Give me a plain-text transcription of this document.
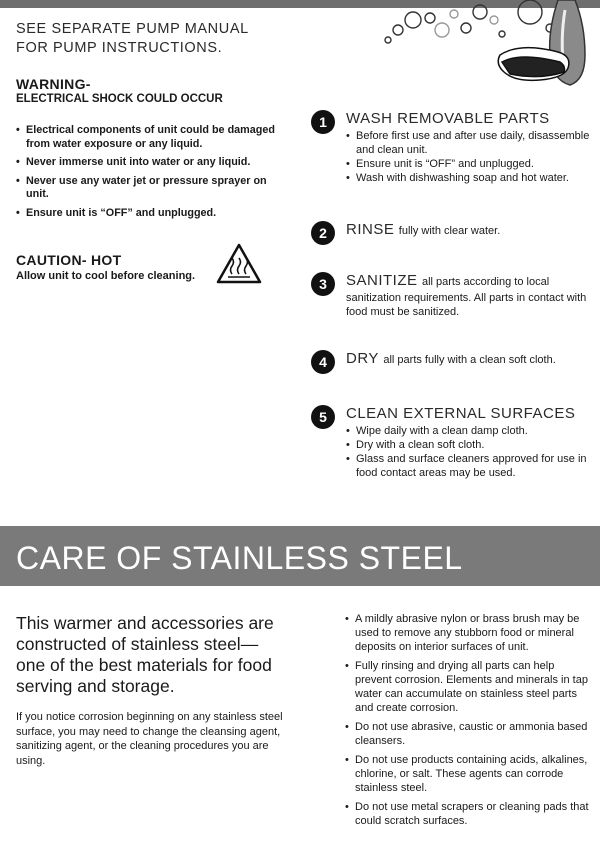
SEE SEPARATE PUMP MANUAL
FOR PUMP INSTRUCTIONS.
WARNING-
ELECTRICAL SHOCK COULD OCCUR
• Electrical components of unit could be damaged from water exposure or any liquid.
• Never immerse unit into water or any liquid.
• Never use any water jet or pressure sprayer on unit.
• Ensure unit is “OFF” and unplugged.
CAUTION- HOT
Allow unit to cool before cleaning.
1	WASH REMOVABLE PARTS
• Before first use and after use daily, disassemble and clean unit.
• Ensure unit is “OFF” and unplugged.
• Wash with dishwashing soap and hot water.
2	RINSE fully with clear water.
3	SANITIZE all parts according to local
sanitization requirements. All parts in contact with food must be sanitized.
4	DRY all parts fully with a clean soft cloth.
5	CLEAN EXTERNAL SURFACES
• Wipe daily with a clean damp cloth.
• Dry with a clean soft cloth.
• Glass and surface cleaners approved for use in food contact areas may be used.
CARE OF STAINLESS STEEL
This warmer and accessories are constructed of stainless steel— one of the best materials for food serving and storage.
If you notice corrosion beginning on any stainless steel surface, you may need to change the cleansing agent, sanitizing agent, or the cleaning procedures you are using.
• A mildly abrasive nylon or brass brush may be used to remove any stubborn food or mineral deposits on interior surfaces of unit.
• Fully rinsing and drying all parts can help prevent corrosion. Elements and minerals in tap water can accumulate on stainless steel parts and create corrosion.
• Do not use abrasive, caustic or ammonia based cleansers.
• Do not use products containing acids, alkalines, chlorine, or salt. These agents can corrode stainless steel.
• Do not use metal scrapers or cleaning pads that could scratch surfaces.
